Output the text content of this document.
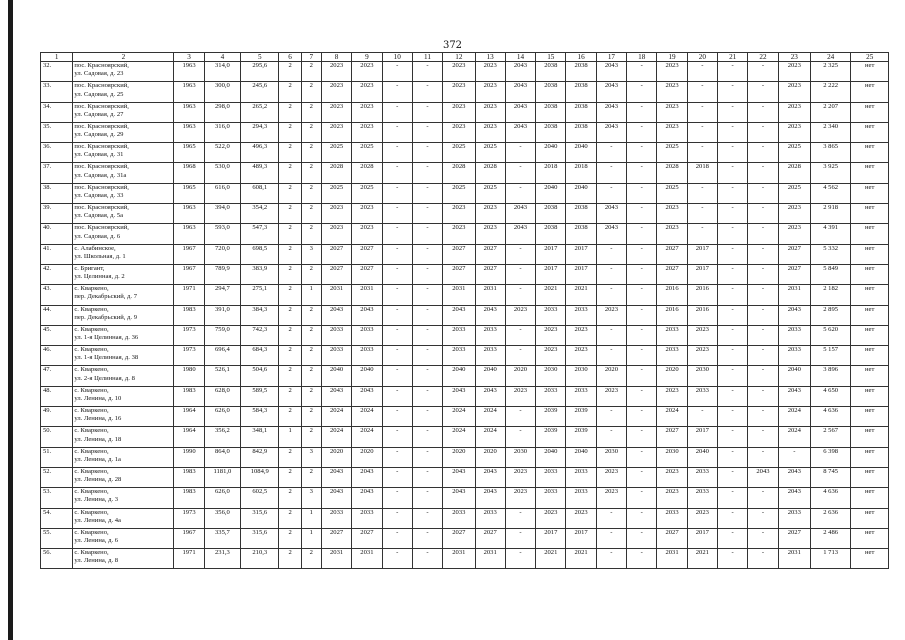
372
1	2	3	4	5	6	7	8	9	10	11	12	13	14	15	16	17	18	19	20	21	22	23	24	25
32.	пос. Красноярский,
ул. Садовая, д. 23	1963	314,0	295,6	2	2	2023	2023	-	-	2023	2023	2043	2038	2038	2043	-	2023	-	-	-	2023	2 325	нет
33.	пос. Красноярский,
ул. Садовая, д. 25	1963	300,0	245,6	2	2	2023	2023	-	-	2023	2023	2043	2038	2038	2043	-	2023	-	-	-	2023	2 222	нет
34.	пос. Красноярский,
ул. Садовая, д. 27	1963	298,0	265,2	2	2	2023	2023	-	-	2023	2023	2043	2038	2038	2043	-	2023	-	-	-	2023	2 207	нет
35.	пос. Красноярский,
ул. Садовая, д. 29	1963	316,0	294,3	2	2	2023	2023	-	-	2023	2023	2043	2038	2038	2043	-	2023	-	-	-	2023	2 340	нет
36.	пос. Красноярский,
ул. Садовая, д. 31	1965	522,0	496,3	2	2	2025	2025	-	-	2025	2025	-	2040	2040	-	-	2025	-	-	-	2025	3 865	нет
37.	пос. Красноярский,
ул. Садовая, д. 31а	1968	530,0	489,3	2	2	2028	2028	-	-	2028	2028	-	2018	2018	-	-	2028	2018	-	-	2028	3 925	нет
38.	пос. Красноярский,
ул. Садовая, д. 33	1965	616,0	608,1	2	2	2025	2025	-	-	2025	2025	-	2040	2040	-	-	2025	-	-	-	2025	4 562	нет
39.	пос. Красноярский,
ул. Садовая, д. 5а	1963	394,0	354,2	2	2	2023	2023	-	-	2023	2023	2043	2038	2038	2043	-	2023	-	-	-	2023	2 918	нет
40.	пос. Красноярский,
ул. Садовая, д. 6	1963	593,0	547,3	2	2	2023	2023	-	-	2023	2023	2043	2038	2038	2043	-	2023	-	-	-	2023	4 391	нет
41.	с. Алабинское,
ул. Школьная, д. 1	1967	720,0	698,5	2	3	2027	2027	-	-	2027	2027	-	2017	2017	-	-	2027	2017	-	-	2027	5 332	нет
42.	с. Бригант,
ул. Целинная, д. 2	1967	789,9	383,9	2	2	2027	2027	-	-	2027	2027	-	2017	2017	-	-	2027	2017	-	-	2027	5 849	нет
43.	с. Кваркено,
пер. Декабрьский, д. 7	1971	294,7	275,1	2	1	2031	2031	-	-	2031	2031	-	2021	2021	-	-	2016	2016	-	-	2031	2 182	нет
44.	с. Кваркено,
пер. Декабрьский, д. 9	1983	391,0	384,3	2	2	2043	2043	-	-	2043	2043	2023	2033	2033	2023	-	2016	2016	-	-	2043	2 895	нет
45.	с. Кваркено,
ул. 1-я Целинная, д. 36	1973	759,0	742,3	2	2	2033	2033	-	-	2033	2033	-	2023	2023	-	-	2033	2023	-	-	2033	5 620	нет
46.	с. Кваркено,
ул. 1-я Целинная, д. 38	1973	696,4	684,3	2	2	2033	2033	-	-	2033	2033	-	2023	2023	-	-	2033	2023	-	-	2033	5 157	нет
47.	с. Кваркено,
ул. 2-я Целинная, д. 8	1980	526,1	504,6	2	2	2040	2040	-	-	2040	2040	2020	2030	2030	2020	-	2020	2030	-	-	2040	3 896	нет
48.	с. Кваркено,
ул. Ленина, д. 10	1983	628,0	589,5	2	2	2043	2043	-	-	2043	2043	2023	2033	2033	2023	-	2023	2033	-	-	2043	4 650	нет
49.	с. Кваркено,
ул. Ленина, д. 16	1964	626,0	584,3	2	2	2024	2024	-	-	2024	2024	-	2039	2039	-	-	2024	-	-	-	2024	4 636	нет
50.	с. Кваркено,
ул. Ленина, д. 18	1964	356,2	348,1	1	2	2024	2024	-	-	2024	2024	-	2039	2039	-	-	2027	2017	-	-	2024	2 567	нет
51.	с. Кваркено,
ул. Ленина, д. 1а	1990	864,0	842,9	2	3	2020	2020	-	-	2020	2020	2030	2040	2040	2030	-	2030	2040	-	-	-	6 398	нет
52.	с. Кваркено,
ул. Ленина, д. 28	1983	1181,0	1084,9	2	2	2043	2043	-	-	2043	2043	2023	2033	2033	2023	-	2023	2033	-	2043	2043	8 745	нет
53.	с. Кваркено,
ул. Ленина, д. 3	1983	626,0	602,5	2	3	2043	2043	-	-	2043	2043	2023	2033	2033	2023	-	2023	2033	-	-	2043	4 636	нет
54.	с. Кваркено,
ул. Ленина, д. 4а	1973	356,0	315,6	2	1	2033	2033	-	-	2033	2033	-	2023	2023	-	-	2033	2023	-	-	2033	2 636	нет
55.	с. Кваркено,
ул. Ленина, д. 6	1967	335,7	315,6	2	1	2027	2027	-	-	2027	2027	-	2017	2017	-	-	2027	2017	-	-	2027	2 486	нет
56.	с. Кваркено,
ул. Ленина, д. 8	1971	231,3	210,3	2	2	2031	2031	-	-	2031	2031	-	2021	2021	-	-	2031	2021	-	-	2031	1 713	нет
